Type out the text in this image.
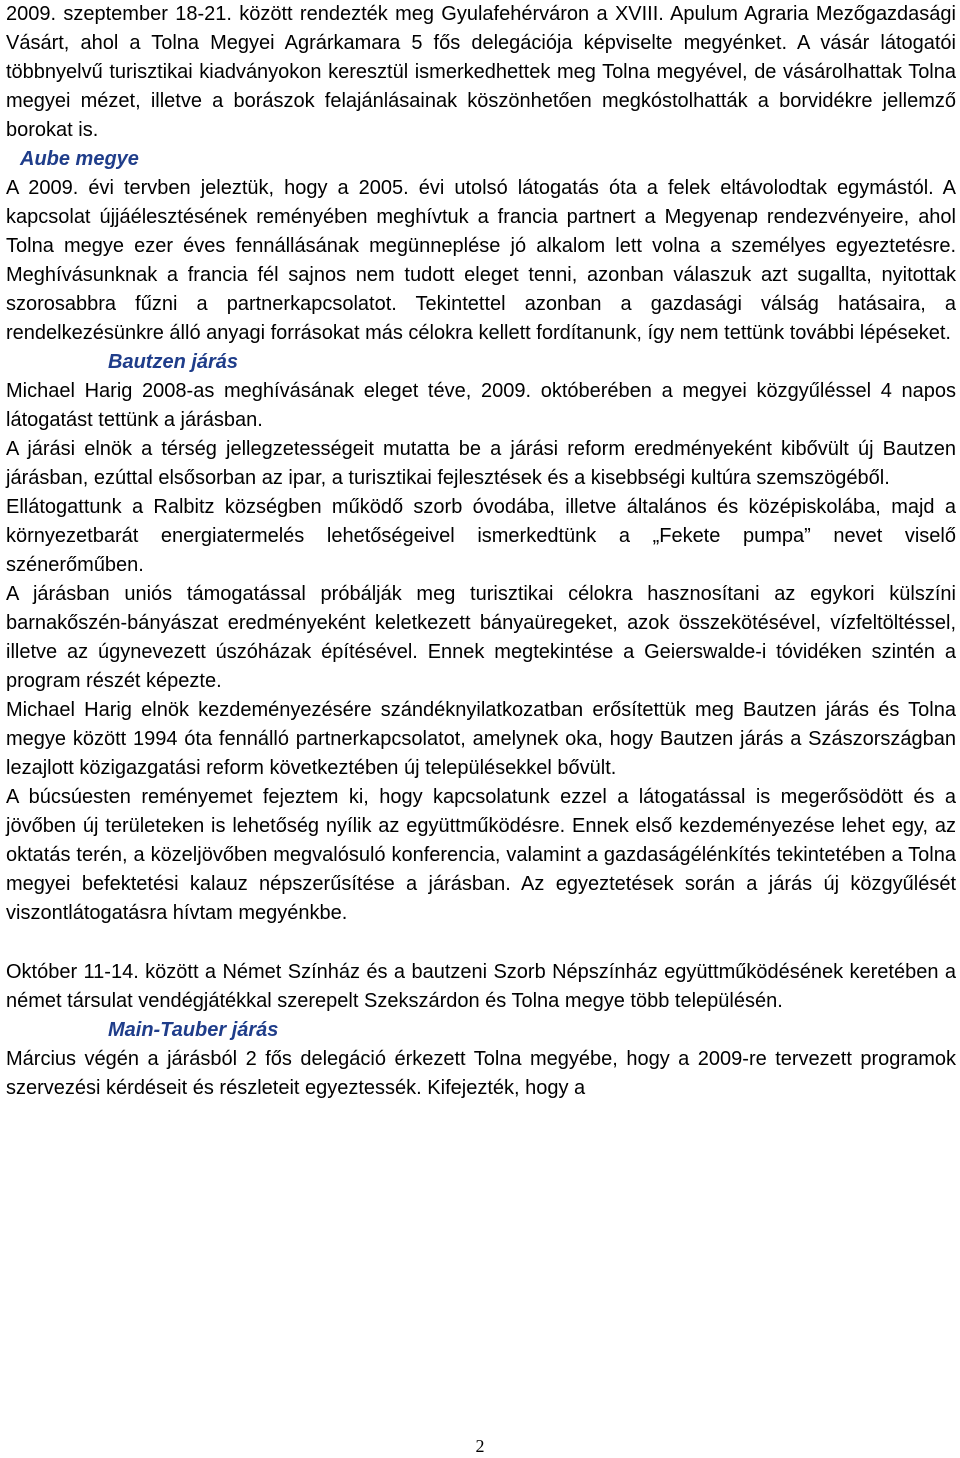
2009. szeptember 18-21. között rendezték meg Gyulafehérváron a XVIII. Apulum Agraria Mezőgazdasági Vásárt, ahol a Tolna Megyei Agrárkamara 5 fős delegációja képviselte megyénket. A vásár látogatói többnyelvű turisztikai kiadványokon keresztül ismerkedhettek meg Tolna megyével, de vásárolhattak Tolna megyei mézet, illetve a borászok felajánlásainak köszönhetően megkóstolhatták a borvidékre jellemző borokat is.

Aube megye

A 2009. évi tervben jeleztük, hogy a 2005. évi utolsó látogatás óta a felek eltávolodtak egymástól. A kapcsolat újjáélesztésének reményében meghívtuk a francia partnert a Megyenap rendezvényeire, ahol Tolna megye ezer éves fennállásának megünneplése jó alkalom lett volna a személyes egyeztetésre. Meghívásunknak a francia fél sajnos nem tudott eleget tenni, azonban válaszuk azt sugallta, nyitottak szorosabbra fűzni a partnerkapcsolatot. Tekintettel azonban a gazdasági válság hatásaira, a rendelkezésünkre álló anyagi forrásokat más célokra kellett fordítanunk, így nem tettünk további lépéseket.

Bautzen járás

Michael Harig 2008-as meghívásának eleget téve, 2009. októberében a megyei közgyűléssel 4 napos látogatást tettünk a járásban.

A járási elnök a térség jellegzetességeit mutatta be a járási reform eredményeként kibővült új Bautzen járásban, ezúttal elsősorban az ipar, a turisztikai fejlesztések és a kisebbségi kultúra szemszögéből.

Ellátogattunk a Ralbitz községben működő szorb óvodába, illetve általános és középiskolába, majd a környezetbarát energiatermelés lehetőségeivel ismerkedtünk a „Fekete pumpa” nevet viselő szénerőműben.

A járásban uniós támogatással próbálják meg turisztikai célokra hasznosítani az egykori külszíni barnakőszén-bányászat eredményeként keletkezett bányaüregeket, azok összekötésével, vízfeltöltéssel, illetve az úgynevezett úszóházak építésével. Ennek megtekintése a Geierswalde-i tóvidéken szintén a program részét képezte.

Michael Harig elnök kezdeményezésére szándéknyilatkozatban erősítettük meg Bautzen járás és Tolna megye között 1994 óta fennálló partnerkapcsolatot, amelynek oka, hogy Bautzen járás a Szászországban lezajlott közigazgatási reform következtében új településekkel bővült.

A búcsúesten reményemet fejeztem ki, hogy kapcsolatunk ezzel a látogatással is megerősödött és a jövőben új területeken is lehetőség nyílik az együttműködésre. Ennek első kezdeményezése lehet egy, az oktatás terén, a közeljövőben megvalósuló konferencia, valamint a gazdaságélénkítés tekintetében a Tolna megyei befektetési kalauz népszerűsítése a járásban. Az egyeztetések során a járás új közgyűlését viszontlátogatásra hívtam megyénkbe.

Október 11-14. között a Német Színház és a bautzeni Szorb Népszínház együttműködésének keretében a német társulat vendégjátékkal szerepelt Szekszárdon és Tolna megye több településén.

Main-Tauber járás

Március végén a járásból 2 fős delegáció érkezett Tolna megyébe, hogy a 2009-re tervezett programok szervezési kérdéseit és részleteit egyeztessék. Kifejezték, hogy a

2
